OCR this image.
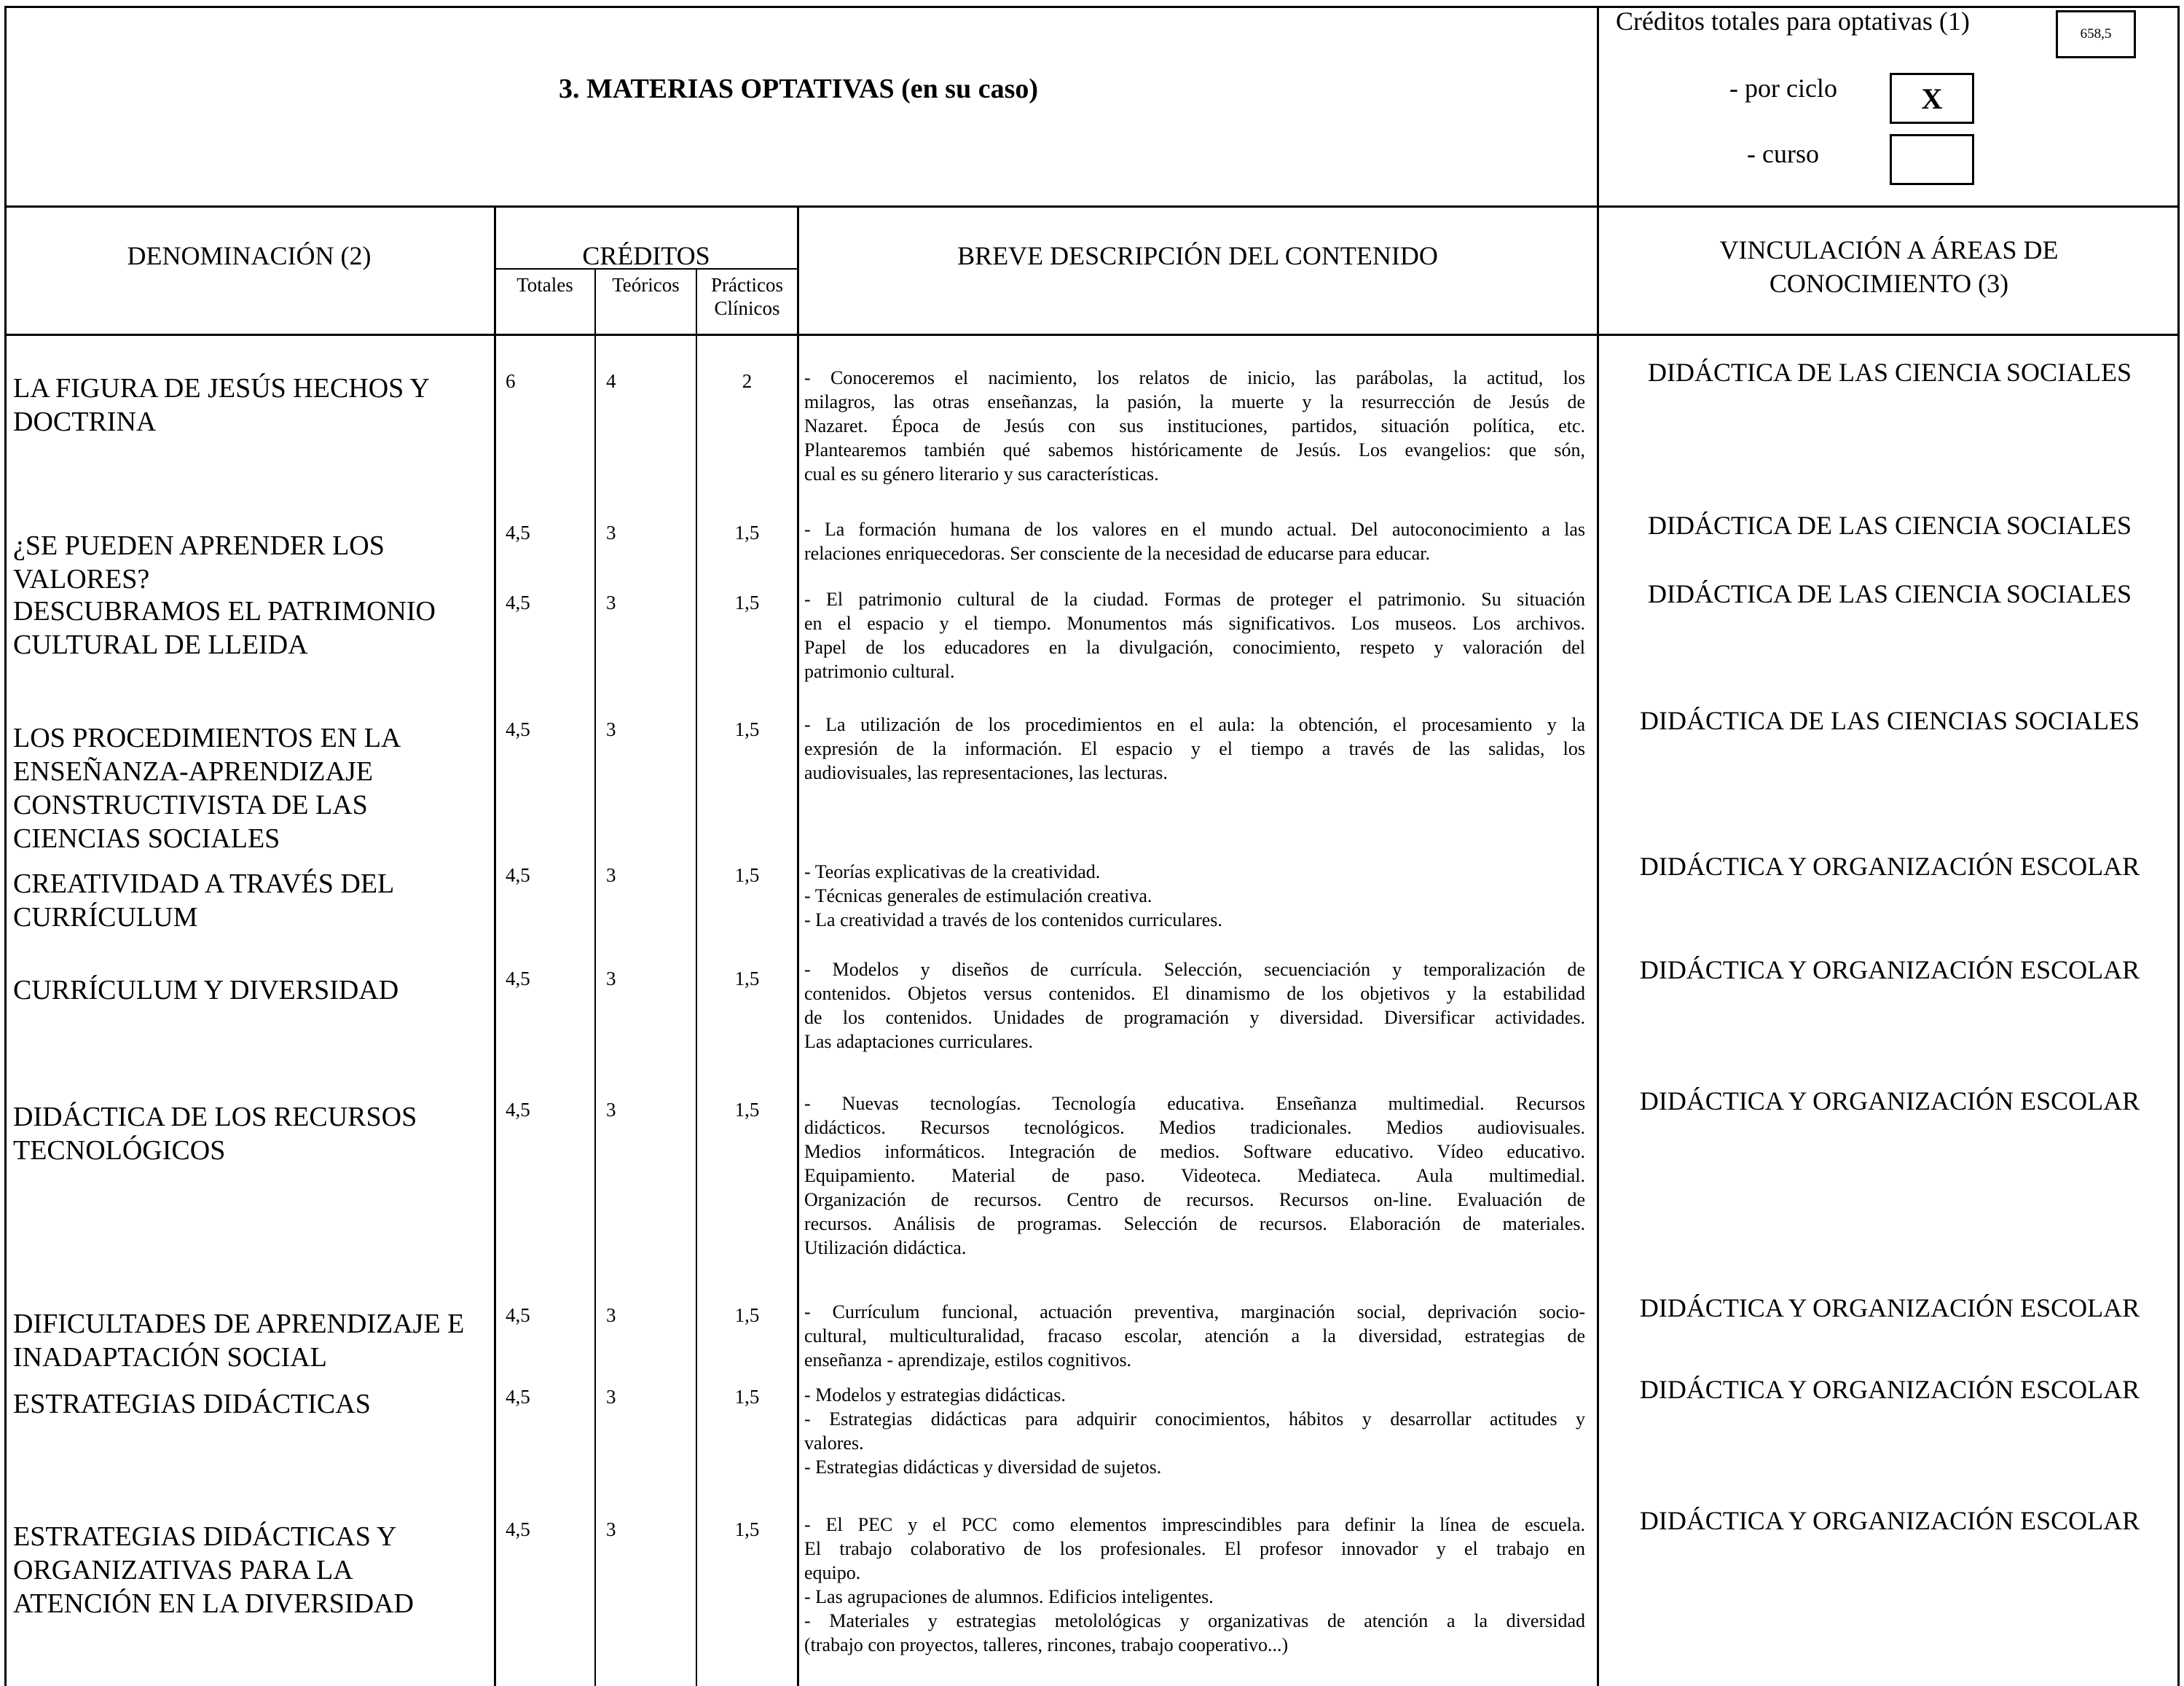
3. MATERIAS OPTATIVAS (en su caso)
Créditos totales para optativas (1)	658,5
- por ciclo	X
- curso
DENOMINACIÓN (2)	CRÉDITOS
Totales	Teóricos	Prácticos
Clínicos
BREVE DESCRIPCIÓN DEL CONTENIDO	VINCULACIÓN A ÁREAS DE
CONOCIMIENTO (3)
LA FIGURA DE JESÚS HECHOS Y
DOCTRINA
6	4	2	- Conoceremos el nacimiento, los relatos de inicio, las parábolas, la actitud, los
milagros, las otras enseñanzas, la pasión, la muerte y la resurrección de Jesús de
Nazaret. Época de Jesús con sus instituciones, partidos, situación política, etc.
Plantearemos también qué sabemos históricamente de Jesús. Los evangelios: que són,
cual es su género literario y sus características.
DIDÁCTICA DE LAS CIENCIA SOCIALES
¿SE PUEDEN APRENDER LOS
VALORES?
4,5	3	1,5	- La formación humana de los valores en el mundo actual. Del autoconocimiento a las
relaciones enriquecedoras. Ser consciente de la necesidad de educarse para educar.
DIDÁCTICA DE LAS CIENCIA SOCIALES
DESCUBRAMOS EL PATRIMONIO
CULTURAL DE LLEIDA
4,5	3	1,5	- El patrimonio cultural de la ciudad. Formas de proteger el patrimonio. Su situación
en el espacio y el tiempo. Monumentos más significativos. Los museos. Los archivos.
Papel de los educadores en la divulgación, conocimiento, respeto y valoración del
patrimonio cultural.
DIDÁCTICA DE LAS CIENCIA SOCIALES
LOS PROCEDIMIENTOS EN LA
ENSEÑANZA-APRENDIZAJE
CONSTRUCTIVISTA DE LAS
CIENCIAS SOCIALES
4,5	3	1,5	- La utilización de los procedimientos en el aula: la obtención, el procesamiento y la
expresión de la información. El espacio y el tiempo a través de las salidas, los
audiovisuales, las representaciones, las lecturas.
DIDÁCTICA DE LAS CIENCIAS SOCIALES
CREATIVIDAD A TRAVÉS DEL
CURRÍCULUM
4,5	3	1,5	- Teorías explicativas de la creatividad.
- Técnicas generales de estimulación creativa.
- La creatividad a través de los contenidos curriculares.
DIDÁCTICA Y ORGANIZACIÓN ESCOLAR
CURRÍCULUM Y DIVERSIDAD	4,5	3	1,5	- Modelos y diseños de currícula. Selección, secuenciación y temporalización de
contenidos. Objetos versus contenidos. El dinamismo de los objetivos y la estabilidad
de los contenidos. Unidades de programación y diversidad. Diversificar actividades.
Las adaptaciones curriculares.
DIDÁCTICA Y ORGANIZACIÓN ESCOLAR
DIDÁCTICA DE LOS RECURSOS
TECNOLÓGICOS
4,5	3	1,5	- Nuevas tecnologías. Tecnología educativa. Enseñanza multimedial. Recursos
didácticos. Recursos tecnológicos. Medios tradicionales. Medios audiovisuales.
Medios informáticos. Integración de medios. Software educativo. Vídeo educativo.
Equipamiento. Material de paso. Videoteca. Mediateca. Aula multimedial.
Organización de recursos. Centro de recursos. Recursos on-line. Evaluación de
recursos. Análisis de programas. Selección de recursos. Elaboración de materiales.
Utilización didáctica.
DIDÁCTICA Y ORGANIZACIÓN ESCOLAR
DIFICULTADES DE APRENDIZAJE E
INADAPTACIÓN SOCIAL
4,5	3	1,5	- Currículum funcional, actuación preventiva, marginación social, deprivación socio-
cultural, multiculturalidad, fracaso escolar, atención a la diversidad, estrategias de
enseñanza - aprendizaje, estilos cognitivos.
DIDÁCTICA Y ORGANIZACIÓN ESCOLAR
ESTRATEGIAS DIDÁCTICAS	4,5	3	1,5	- Modelos y estrategias didácticas.
- Estrategias didácticas para adquirir conocimientos, hábitos y desarrollar actitudes y
valores.
- Estrategias didácticas y diversidad de sujetos.
DIDÁCTICA Y ORGANIZACIÓN ESCOLAR
ESTRATEGIAS DIDÁCTICAS Y
ORGANIZATIVAS PARA LA
ATENCIÓN EN LA DIVERSIDAD
4,5	3	1,5	- El PEC y el PCC como elementos imprescindibles para definir la línea de escuela.
El trabajo colaborativo de los profesionales. El profesor innovador y el trabajo en
equipo.
- Las agrupaciones de alumnos. Edificios inteligentes.
- Materiales y estrategias metolológicas y organizativas de atención a la diversidad
(trabajo con proyectos, talleres, rincones, trabajo cooperativo...)
DIDÁCTICA Y ORGANIZACIÓN ESCOLAR
